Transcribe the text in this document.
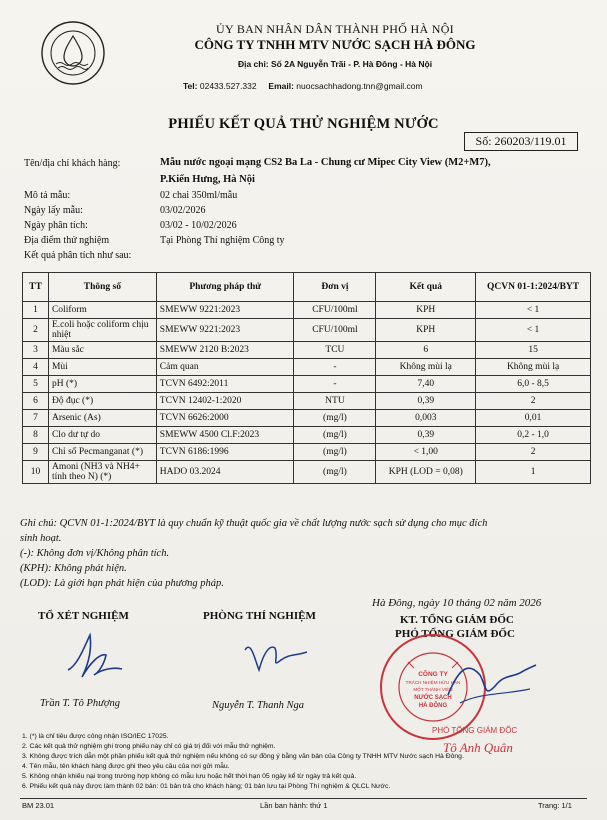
ỦY BAN NHÂN DÂN THÀNH PHỐ HÀ NỘI
CÔNG TY TNHH MTV NƯỚC SẠCH HÀ ĐÔNG
Địa chỉ: Số 2A Nguyễn Trãi - P. Hà Đông - Hà Nội
Tel: 02433.527.332 Email: nuocsachhadong.tnn@gmail.com
PHIẾU KẾT QUẢ THỬ NGHIỆM NƯỚC
Số: 260203/119.01
Tên/địa chỉ khách hàng:	Mẫu nước ngoại mạng CS2 Ba La - Chung cư Mipec City View (M2+M7),
P.Kiến Hưng, Hà Nội
Mô tả mẫu:	02 chai 350ml/mẫu
Ngày lấy mẫu:	03/02/2026
Ngày phân tích:	03/02 - 10/02/2026
Địa điểm thử nghiệm	Tại Phòng Thí nghiệm Công ty
Kết quả phân tích như sau:
TT	Thông số	Phương pháp thử	Đơn vị	Kết quả	QCVN 01-1:2024/BYT
1	Coliform	SMEWW 9221:2023	CFU/100ml	KPH	< 1
2	E.coli hoặc coliform chịu nhiệt	SMEWW 9221:2023	CFU/100ml	KPH	< 1
3	Màu sắc	SMEWW 2120 B:2023	TCU	6	15
4	Mùi	Cảm quan	-	Không mùi lạ	Không mùi lạ
5	pH (*)	TCVN 6492:2011	-	7,40	6,0 - 8,5
6	Độ đục (*)	TCVN 12402-1:2020	NTU	0,39	2
7	Arsenic (As)	TCVN 6626:2000	(mg/l)	0,003	0,01
8	Clo dư tự do	SMEWW 4500 Cl.F:2023	(mg/l)	0,39	0,2 - 1,0
9	Chỉ số Pecmanganat (*)	TCVN 6186:1996	(mg/l)	< 1,00	2
10	Amoni (NH3 và NH4+ tính theo N) (*)	HADO 03.2024	(mg/l)	KPH (LOD = 0,08)	1
Ghi chú: QCVN 01-1:2024/BYT là quy chuẩn kỹ thuật quốc gia về chất lượng nước sạch sử dụng cho mục đích
sinh hoạt.
(-): Không đơn vị/Không phân tích.
(KPH): Không phát hiện.
(LOD): Là giới hạn phát hiện của phương pháp.
Hà Đông, ngày 10 tháng 02 năm 2026
TỔ XÉT NGHIỆM	PHÒNG THÍ NGHIỆM	KT. TỔNG GIÁM ĐỐC
PHÓ TỔNG GIÁM ĐỐC
CÔNG TY
TRÁCH NHIỆM HỮU HẠN
MỘT THÀNH VIÊN
NƯỚC SẠCH
HÀ ĐÔNG
PHÓ TỔNG GIÁM ĐỐC
Trần T. Tô Phượng	Nguyễn T. Thanh Nga
Tô Anh Quân
1. (*) là chỉ tiêu được công nhận ISO/IEC 17025.
2. Các kết quả thử nghiệm ghi trong phiếu này chỉ có giá trị đối với mẫu thử nghiệm.
3. Không được trích dẫn một phần phiếu kết quả thử nghiệm nếu không có sự đồng ý bằng văn bản của Công ty TNHH MTV Nước sạch Hà Đông.
4. Tên mẫu, tên khách hàng được ghi theo yêu cầu của nơi gửi mẫu.
5. Không nhận khiếu nại trong trường hợp không có mẫu lưu hoặc hết thời hạn 05 ngày kể từ ngày trả kết quả.
6. Phiếu kết quả này được làm thành 02 bản: 01 bản trả cho khách hàng; 01 bản lưu tại Phòng Thí nghiệm & QLCL Nước.
BM 23.01	Lần ban hành: thứ 1	Trang: 1/1
